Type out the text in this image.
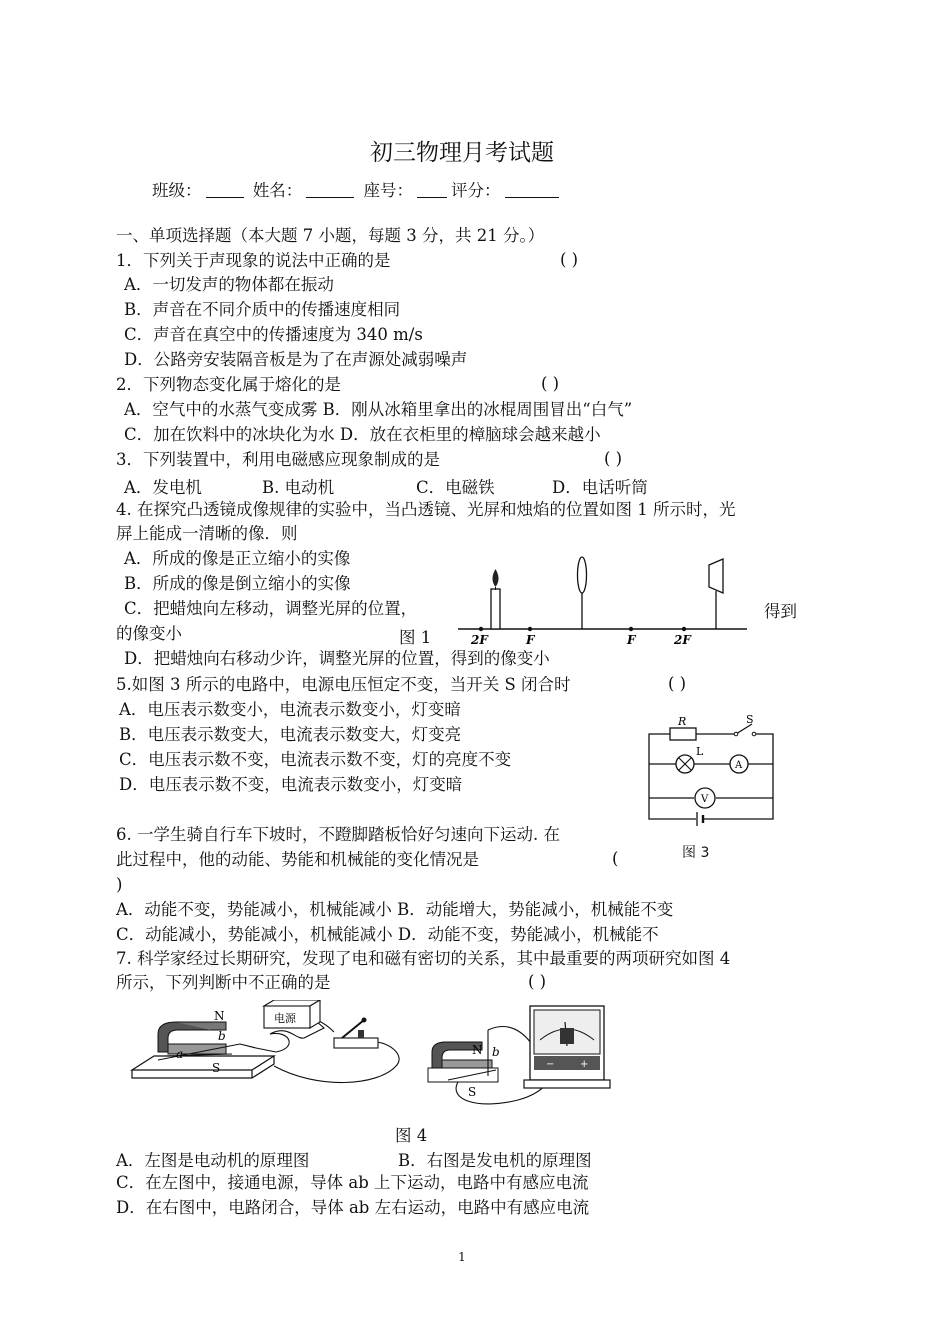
初三物理月考试题
班级：	姓名：	座号： 评分：
一、单项选择题（本大题 7 小题，每题 3 分，共 21 分。）
1．下列关于声现象的说法中正确的是	( )
A．一切发声的物体都在振动
B．声音在不同介质中的传播速度相同
C．声音在真空中的传播速度为 340 m/s
D．公路旁安装隔音板是为了在声源处减弱噪声
2．下列物态变化属于熔化的是	( )
A．空气中的水蒸气变成雾 B．刚从冰箱里拿出的冰棍周围冒出“白气”
C．加在饮料中的冰块化为水 D．放在衣柜里的樟脑球会越来越小
3．下列装置中，利用电磁感应现象制成的是	( )
A．发电机	B. 电动机	C．电磁铁	D．电话听筒
4. 在探究凸透镜成像规律的实验中，当凸透镜、光屏和烛焰的位置如图 1 所示时，光
屏上能成一清晰的像．则
A．所成的像是正立缩小的实像
B．所成的像是倒立缩小的实像
C．把蜡烛向左移动，调整光屏的位置，	得到
的像变小	图 1
D．把蜡烛向右移动少许，调整光屏的位置，得到的像变小
2F	F	F	2F
5.如图 3 所示的电路中，电源电压恒定不变，当开关 S 闭合时	( )
A．电压表示数变小，电流表示数变小，灯变暗
B．电压表示数变大，电流表示数变大，灯变亮
C．电压表示数不变，电流表示数不变，灯的亮度不变
D．电压表示数不变，电流表示数变小，灯变暗
R	S
L
A
V
图 3
6. 一学生骑自行车下坡时，不蹬脚踏板恰好匀速向下运动. 在
此过程中，他的动能、势能和机械能的变化情况是	(
)
A．动能不变，势能减小，机械能减小 B．动能增大，势能减小，机械能不变
C．动能减小，势能减小，机械能减小 D．动能不变，势能减小，机械能不
7. 科学家经过长期研究，发现了电和磁有密切的关系，其中最重要的两项研究如图 4
所示，下列判断中不正确的是	( )
N
S
a
b
电源
−	+
N
S
b
图 4
A．左图是电动机的原理图	B．右图是发电机的原理图
C．在左图中，接通电源，导体 ab 上下运动，电路中有感应电流
D．在右图中，电路闭合，导体 ab 左右运动，电路中有感应电流
1
